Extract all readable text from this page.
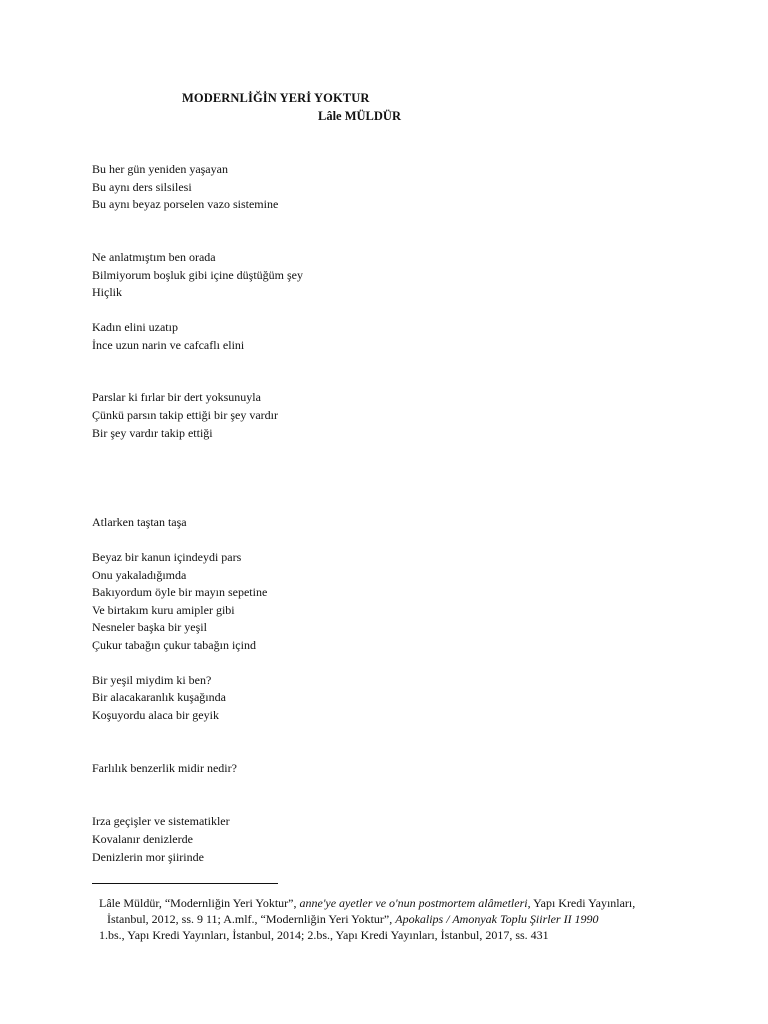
MODERNLİĞİN YERİ YOKTUR
Lâle MÜLDÜR
Bu her gün yeniden yaşayan
Bu aynı ders silsilesi
Bu aynı beyaz porselen vazo sistemine
Ne anlatmıştım ben orada
Bilmiyorum boşluk gibi içine düştüğüm şey
Hiçlik
Kadın elini uzatıp
İnce uzun narin ve cafcaflı elini
Parslar ki fırlar bir dert yoksunuyla
Çünkü parsın takip ettiği bir şey vardır
Bir şey vardır takip ettiği
Atlarken taştan taşa
Beyaz bir kanun içindeydi pars
Onu yakaladığımda
Bakıyordum öyle bir mayın sepetine
Ve birtakım kuru amipler gibi
Nesneler başka bir yeşil
Çukur tabağın çukur tabağın içind
Bir yeşil miydim ki ben?
Bir alacakaranlık kuşağında
Koşuyordu alaca bir geyik
Farlılık benzerlik midir nedir?
Irza geçişler ve sistematikler
Kovalanır denizlerde
Denizlerin mor şiirinde
Lâle Müldür, “Modernliğin Yeri Yoktur”, anne'ye ayetler ve o'nun postmortem alâmetleri, Yapı Kredi Yayınları,
İstanbul, 2012, ss. 9 11; A.mlf., “Modernliğin Yeri Yoktur”, Apokalips / Amonyak Toplu Şiirler II 1990
1.bs., Yapı Kredi Yayınları, İstanbul, 2014; 2.bs., Yapı Kredi Yayınları, İstanbul, 2017, ss. 431
